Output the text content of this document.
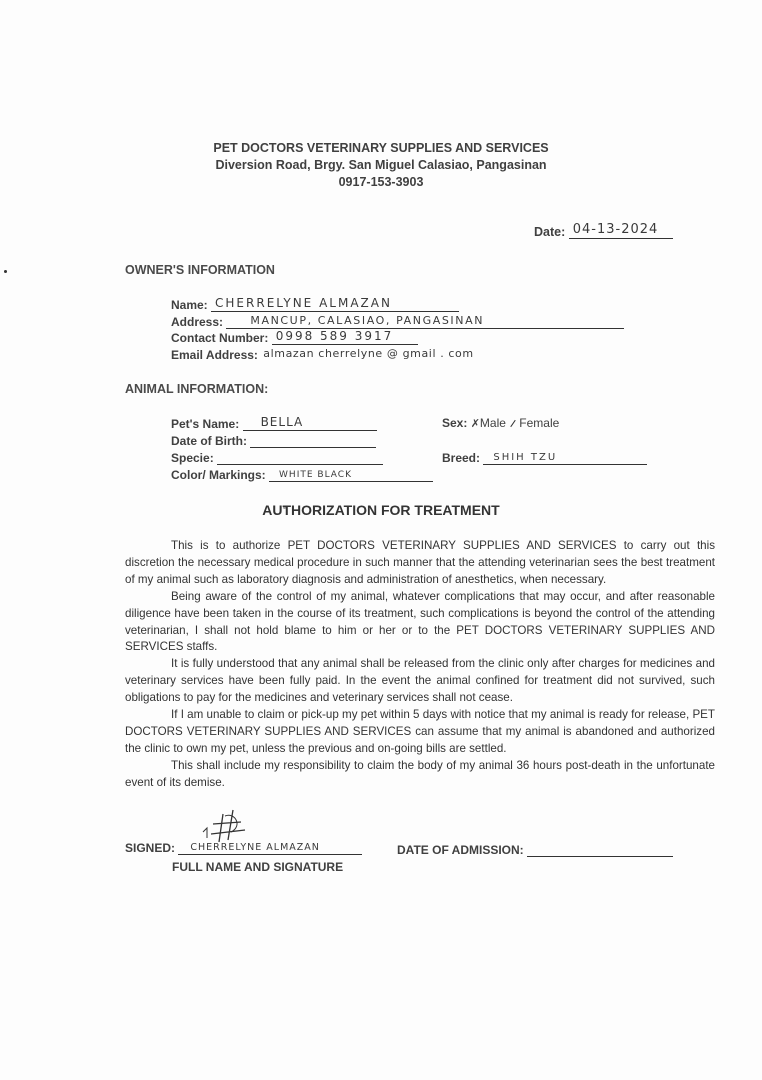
PET DOCTORS VETERINARY SUPPLIES AND SERVICES
Diversion Road, Brgy. San Miguel Calasiao, Pangasinan
0917-153-3903
Date: 04-13-2024
OWNER'S INFORMATION
Name: CHERRELYNE ALMAZAN
Address: MANCUP, CALASIAO, PANGASINAN
Contact Number: 0998 589 3917
Email Address: almazan cherrelyne @ gmail . com
ANIMAL INFORMATION:
Pet's Name: BELLA
Date of Birth:
Specie:
Color/ Markings: WHITE BLACK
Sex: ✗Male Female
Breed: SHIH TZU
AUTHORIZATION FOR TREATMENT

This is to authorize PET DOCTORS VETERINARY SUPPLIES AND SERVICES to carry out this discretion the necessary medical procedure in such manner that the attending veterinarian sees the best treatment of my animal such as laboratory diagnosis and administration of anesthetics, when necessary.

Being aware of the control of my animal, whatever complications that may occur, and after reasonable diligence have been taken in the course of its treatment, such complications is beyond the control of the attending veterinarian, I shall not hold blame to him or her or to the PET DOCTORS VETERINARY SUPPLIES AND SERVICES staffs.

It is fully understood that any animal shall be released from the clinic only after charges for medicines and veterinary services have been fully paid. In the event the animal confined for treatment did not survived, such obligations to pay for the medicines and veterinary services shall not cease.

If I am unable to claim or pick-up my pet within 5 days with notice that my animal is ready for release, PET DOCTORS VETERINARY SUPPLIES AND SERVICES can assume that my animal is abandoned and authorized the clinic to own my pet, unless the previous and on-going bills are settled.

This shall include my responsibility to claim the body of my animal 36 hours post-death in the unfortunate event of its demise.

SIGNED: CHERRELYNE ALMAZAN
FULL NAME AND SIGNATURE
DATE OF ADMISSION:
